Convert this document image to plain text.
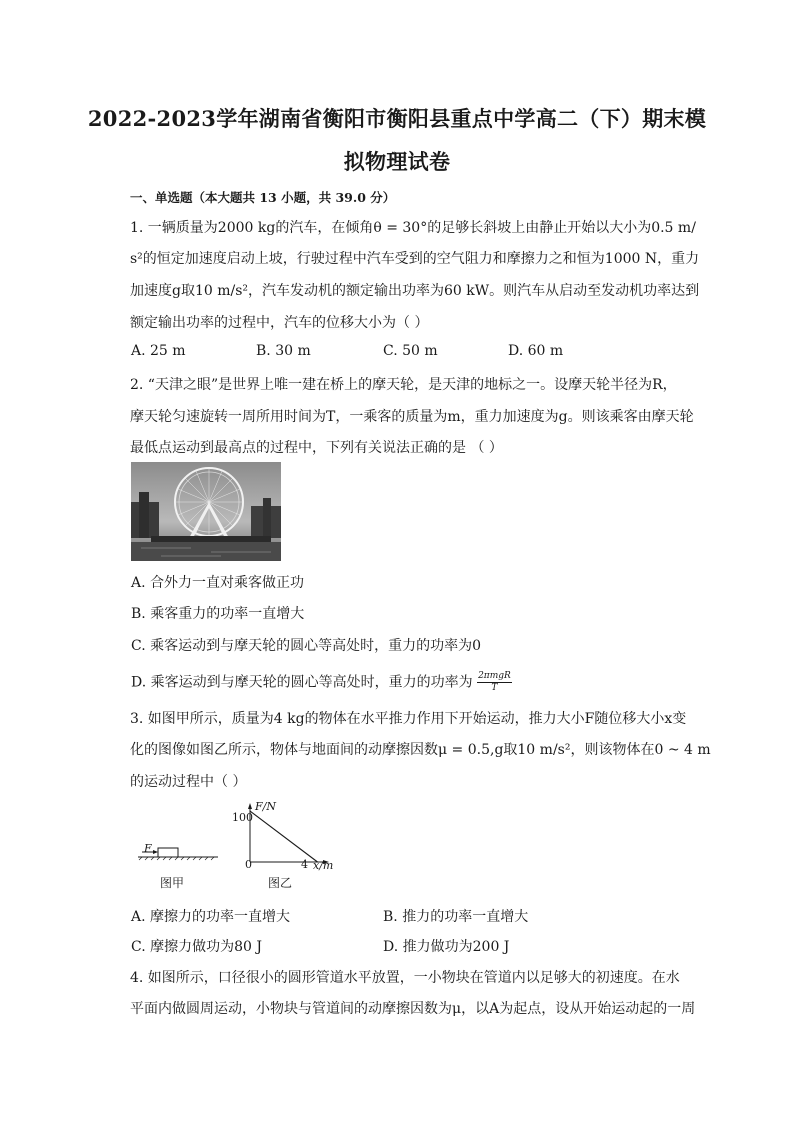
2022-2023学年湖南省衡阳市衡阳县重点中学高二（下）期末模
拟物理试卷
一、单选题（本大题共 13 小题，共 39.0 分）
1. 一辆质量为2000 kg的汽车，在倾角θ = 30°的足够长斜坡上由静止开始以大小为0.5 m/
s²的恒定加速度启动上坡，行驶过程中汽车受到的空气阻力和摩擦力之和恒为1000 N，重力
加速度g取10 m/s²，汽车发动机的额定输出功率为60 kW。则汽车从启动至发动机功率达到
额定输出功率的过程中，汽车的位移大小为（ ）
A. 25 m	B. 30 m	C. 50 m	D. 60 m
2. “天津之眼”是世界上唯一建在桥上的摩天轮，是天津的地标之一。设摩天轮半径为R，
摩天轮匀速旋转一周所用时间为T，一乘客的质量为m，重力加速度为g。则该乘客由摩天轮
最低点运动到最高点的过程中，下列有关说法正确的是 （ ）
A. 合外力一直对乘客做正功
B. 乘客重力的功率一直增大
C. 乘客运动到与摩天轮的圆心等高处时，重力的功率为0
D. 乘客运动到与摩天轮的圆心等高处时，重力的功率为 $\frac{\text{2πmgR}}{T}$
3. 如图甲所示，质量为4 kg的物体在水平推力作用下开始运动，推力大小F随位移大小x变
化的图像如图乙所示，物体与地面间的动摩擦因数μ = 0.5,g取10 m/s²，则该物体在0 ~ 4 m
的运动过程中（ ）
F
F/N
100
0	4 x/m
图甲	图乙
A. 摩擦力的功率一直增大	B. 推力的功率一直增大
C. 摩擦力做功为80 J	D. 推力做功为200 J
4. 如图所示，口径很小的圆形管道水平放置，一小物块在管道内以足够大的初速度。在水
平面内做圆周运动，小物块与管道间的动摩擦因数为μ，以A为起点，设从开始运动起的一周
